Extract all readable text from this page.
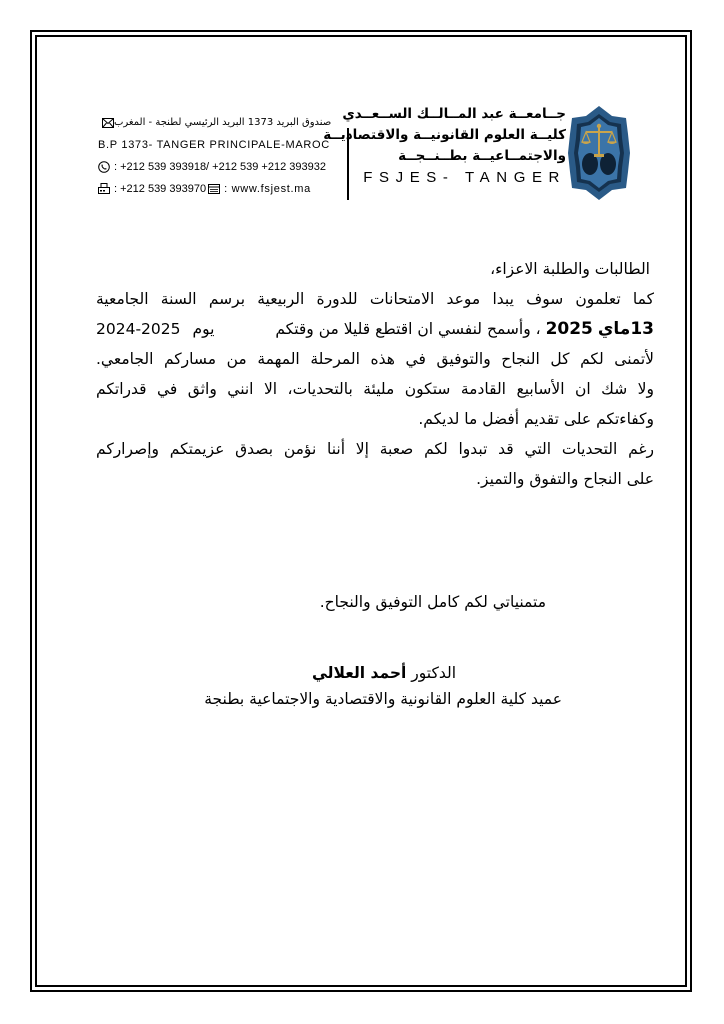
صندوق البريد 1373 البريد الرئيسي لطنجة - المغرب
B.P 1373- TANGER PRINCIPALE-MAROC
: +212 539 393918/ +212 539 +212 393932
: +212 539 393970 : www.fsjest.ma
جــامعــة عبد المــالــك الســعــدي
كليــة العلوم القانونيــة والاقتصاديــة
والاجتمــاعيــة بطــنــجــة
FSJES- TANGER
الطالبات والطلبة الاعزاء،
كما تعلمون سوف يبدا موعد الامتحانات للدورة الربيعية برسم السنة الجامعية
يوم2024-2025	13ماي 2025 ، وأسمح لنفسي ان اقتطع قليلا من وقتكم
لأتمنى لكم كل النجاح والتوفيق في هذه المرحلة المهمة من مساركم الجامعي.
ولا شك ان الأسابيع القادمة ستكون مليئة بالتحديات، الا انني واثق في قدراتكم
وكفاءتكم على تقديم أفضل ما لديكم.
رغم التحديات التي قد تبدوا لكم صعبة إلا أننا نؤمن بصدق عزيمتكم وإصراركم
على النجاح والتفوق والتميز.
متمنياتي لكم كامل التوفيق والنجاح.
الدكتور أحمد العلالي
عميد كلية العلوم القانونية والاقتصادية والاجتماعية بطنجة
